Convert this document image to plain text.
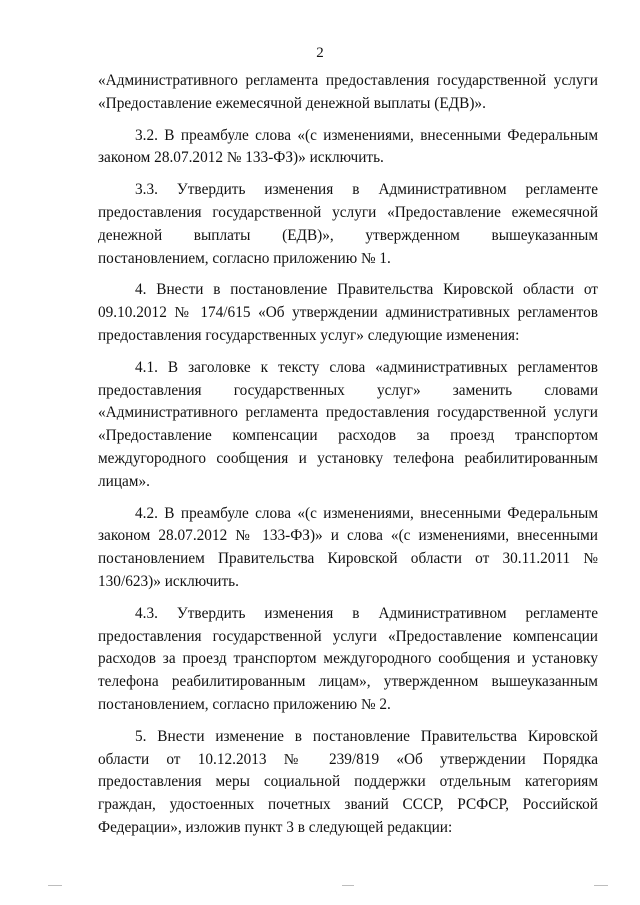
2

«Административного регламента предоставления государственной услуги «Предоставление ежемесячной денежной выплаты (ЕДВ)».

3.2. В преамбуле слова «(с изменениями, внесенными Федеральным законом 28.07.2012 № 133-ФЗ)» исключить.

3.3. Утвердить изменения в Административном регламенте предоставления государственной услуги «Предоставление ежемесячной денежной выплаты (ЕДВ)», утвержденном вышеуказанным постановлением, согласно приложению № 1.

4. Внести в постановление Правительства Кировской области от 09.10.2012 № 174/615 «Об утверждении административных регламентов предоставления государственных услуг» следующие изменения:

4.1. В заголовке к тексту слова «административных регламентов предоставления государственных услуг» заменить словами «Административного регламента предоставления государственной услуги «Предоставление компенсации расходов за проезд транспортом междугородного сообщения и установку телефона реабилитированным лицам».

4.2. В преамбуле слова «(с изменениями, внесенными Федеральным законом 28.07.2012 № 133-ФЗ)» и слова «(с изменениями, внесенными постановлением Правительства Кировской области от 30.11.2011 № 130/623)» исключить.

4.3. Утвердить изменения в Административном регламенте предоставления государственной услуги «Предоставление компенсации расходов за проезд транспортом междугородного сообщения и установку телефона реабилитированным лицам», утвержденном вышеуказанным постановлением, согласно приложению № 2.

5. Внести изменение в постановление Правительства Кировской области от 10.12.2013 № 239/819 «Об утверждении Порядка предоставления меры социальной поддержки отдельным категориям граждан, удостоенных почетных званий СССР, РСФСР, Российской Федерации», изложив пункт 3 в следующей редакции:
